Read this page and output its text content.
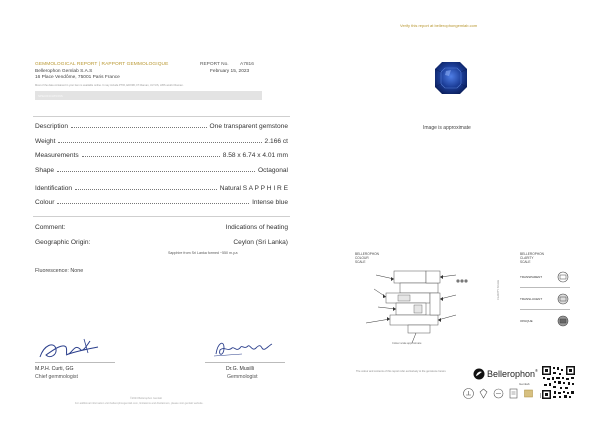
Verify this report at bellerophongemlab.com
GEMMOLOGICAL REPORT | RAPPORT GEMMOLOGIQUE	REPORT No. A7816
Bellerophon Gemlab S.A.S	February 15, 2023
16 Place Vendôme, 75001 Paris France
Most of the data contained in your item is available online. It may include PTIR, EDXRF, FT-Raman, UV-VIS, LIBS and/or Raman.
SPECIFICATIONS
Description	One transparent gemstone
Weight	2.166 ct
Measurements	8.58 x 6.74 x 4.01 mm
Shape	Octagonal
Identification	Natural S A P P H I R E
Colour	Intense blue
Comment:	Indications of heating
Geographic Origin:	Ceylon (Sri Lanka)
Sapphire from Sri Lanka formed ~550 m.y.a
Fluorescence: None
Image is approximate
BELLEROPHON
COLOUR
SCALE
Colour scale approximate
BELLEROPHON
CLARITY
SCALE
CLARITY SCALE
TRANSPARENT
TRANSLUCENT
OPAQUE
M.P.H. Curti, GG
Chief gemmologist
Dr.G. Musilli
Gemmologist
©2023 Bellerophon Gemlab
For additional information visit bellerophongemlab.com, limitations and disclaimers, please visit gemlab website.
The colour and contents of this report refer exclusively to the gemstone herein.	Bellerophon ®
Gemlab
